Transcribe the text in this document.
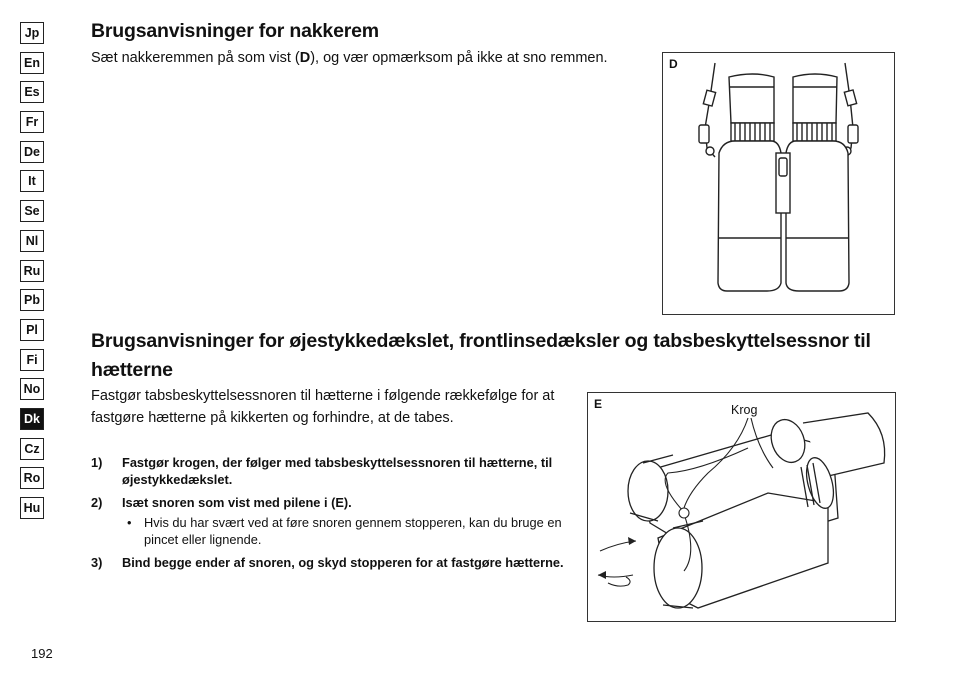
Jp
En
Es
Fr
De
It
Se
Nl
Ru
Pb
Pl
Fi
No
Dk
Cz
Ro
Hu
Brugsanvisninger for nakkerem

Sæt nakkeremmen på som vist (D), og vær opmærksom på ikke at sno remmen.	D
Brugsanvisninger for øjestykkedækslet, frontlinsedæksler og tabsbeskyttelsessnor til hætterne

Fastgør tabsbeskyttelsessnoren til hætterne i følgende rækkefølge for at fastgøre hætterne på kikkerten og forhindre, at de tabes.

1)	Fastgør krogen, der følger med tabsbeskyttelsessnoren til hætterne, til øjestykkedækslet.
2)	Isæt snoren som vist med pilene i (E).
• Hvis du har svært ved at føre snoren gennem stopperen, kan du bruge en pincet eller lignende.
3)	Bind begge ender af snoren, og skyd stopperen for at fastgøre hætterne.
E	Krog
192
